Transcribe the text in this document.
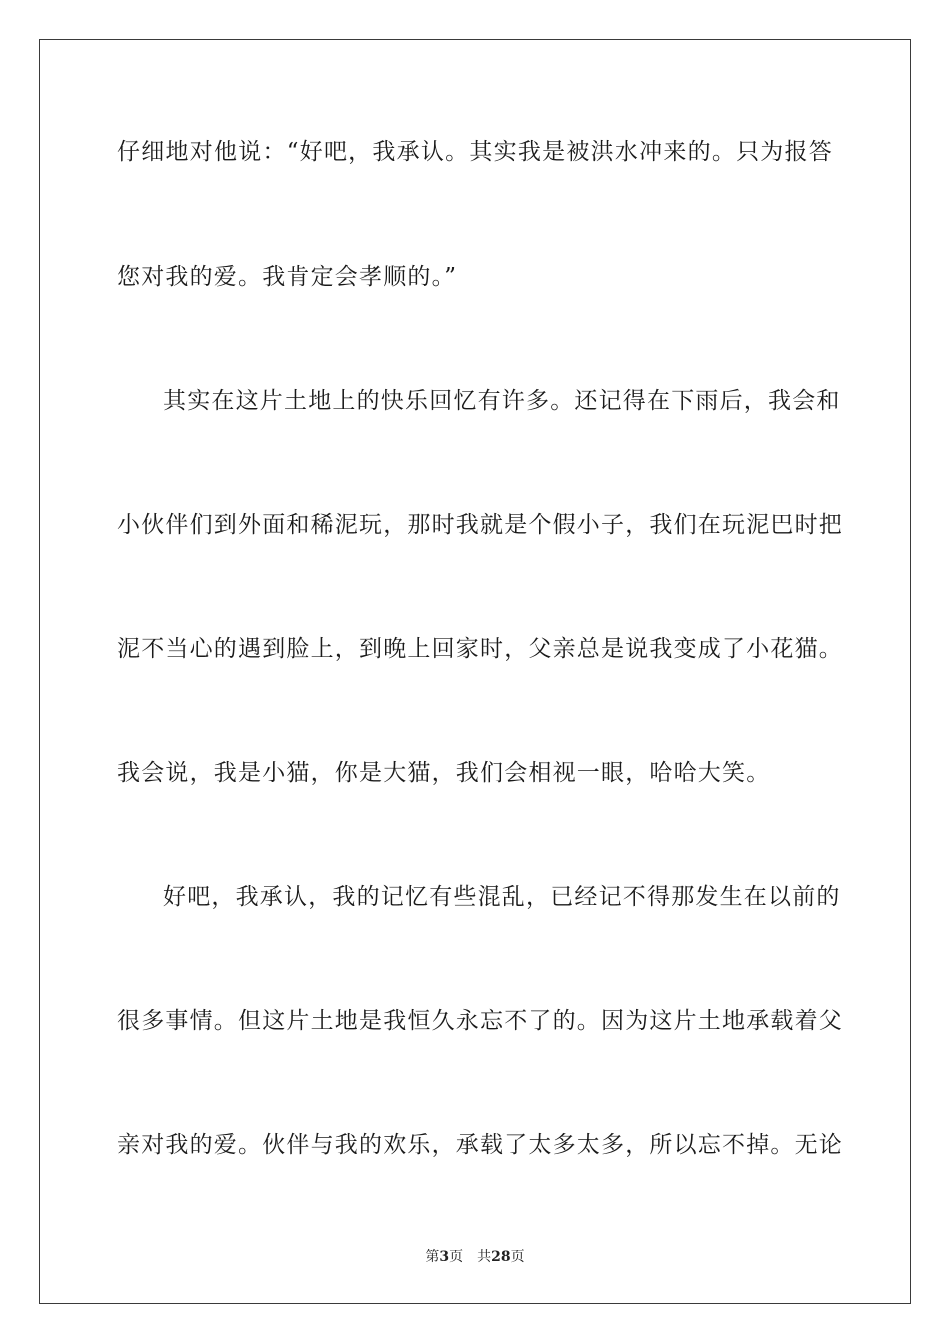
仔细地对他说：“好吧，我承认。其实我是被洪水冲来的。只为报答
您对我的爱。我肯定会孝顺的。”
其实在这片土地上的快乐回忆有许多。还记得在下雨后，我会和
小伙伴们到外面和稀泥玩，那时我就是个假小子，我们在玩泥巴时把
泥不当心的遇到脸上，到晚上回家时，父亲总是说我变成了小花猫。
我会说，我是小猫，你是大猫，我们会相视一眼，哈哈大笑。
好吧，我承认，我的记忆有些混乱，已经记不得那发生在以前的
很多事情。但这片土地是我恒久永忘不了的。因为这片土地承载着父
亲对我的爱。伙伴与我的欢乐，承载了太多太多，所以忘不掉。无论
第3页 共28页
